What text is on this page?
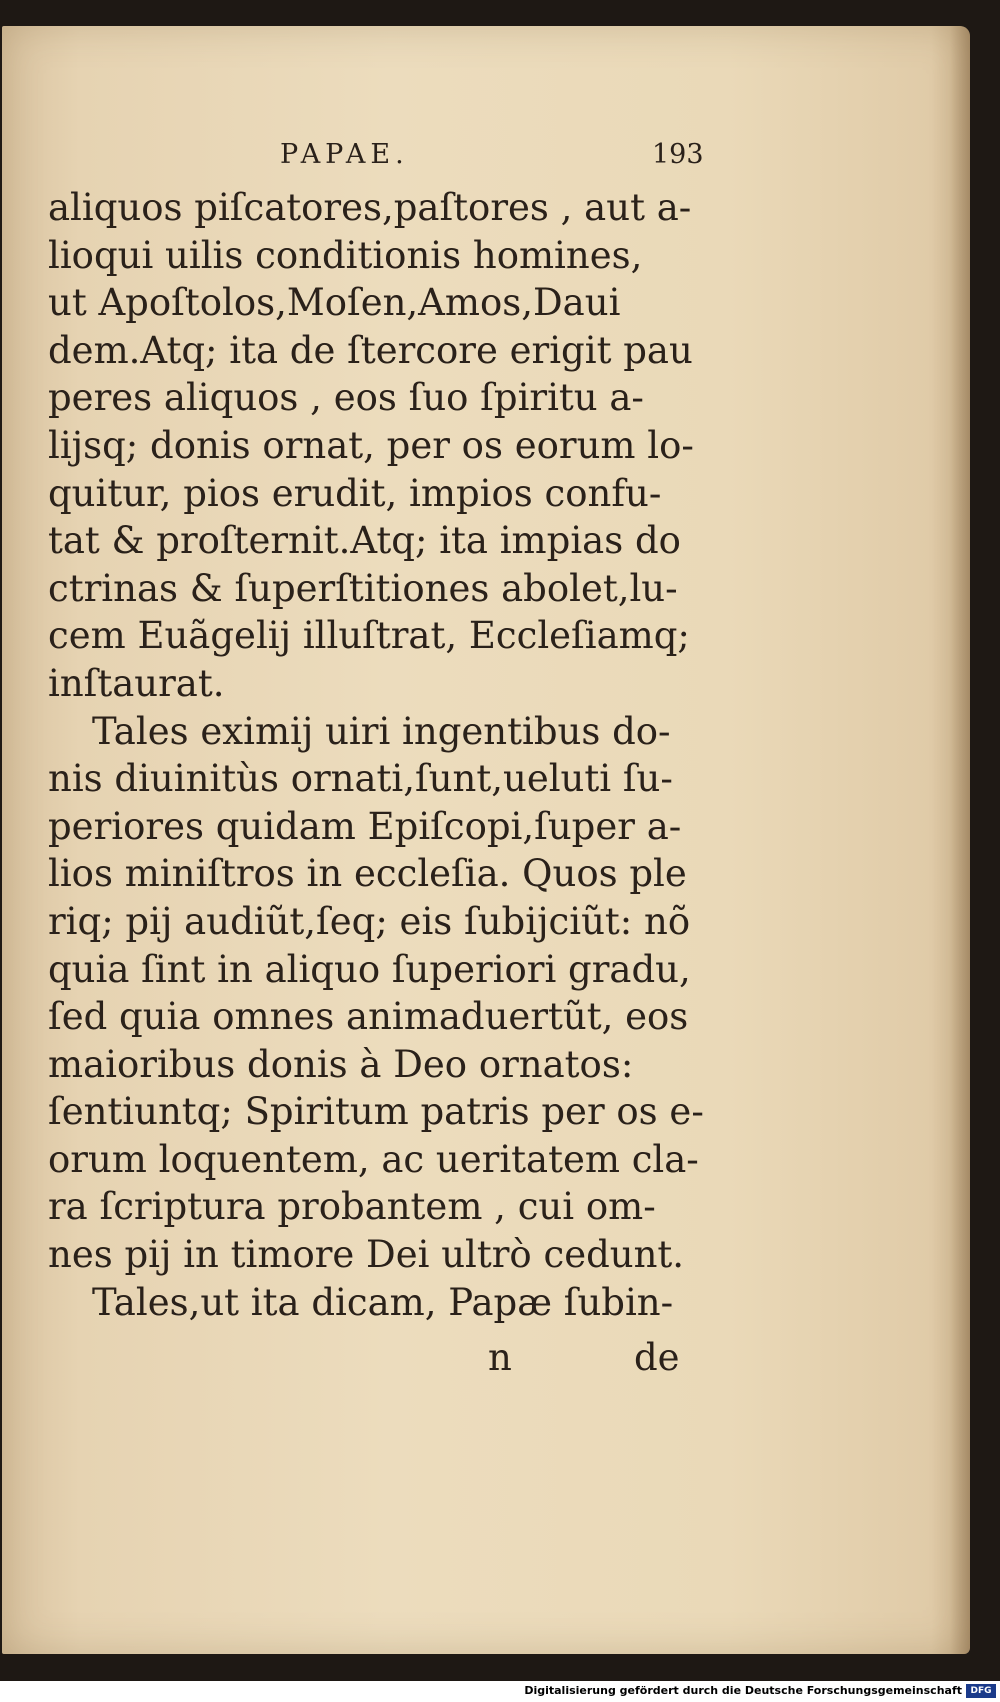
PAPAE.	193
aliquos piſcatores,paſtores , aut a-
lioqui uilis conditionis homines,
ut Apoſtolos,Moſen,Amos,Daui
dem.Atq; ita de ſtercore erigit pau
peres aliquos , eos ſuo ſpiritu a-
lijsq; donis ornat, per os eorum lo-
quitur, pios erudit, impios confu-
tat & proſternit.Atq; ita impias do
ctrinas & ſuperſtitiones abolet,lu-
cem Euãgelij illuſtrat, Eccleſiamq;
inſtaurat.
Tales eximij uiri ingentibus do-
nis diuinitùs ornati,ſunt,ueluti ſu-
periores quidam Epiſcopi,ſuper a-
lios miniſtros in eccleſia. Quos ple
riq; pij audiũt,ſeq; eis ſubijciũt: nõ
quia ſint in aliquo ſuperiori gradu,
ſed quia omnes animaduertũt, eos
maioribus donis à Deo ornatos:
ſentiuntq; Spiritum patris per os e-
orum loquentem, ac ueritatem cla-
ra ſcriptura probantem , cui om-
nes pij in timore Dei ultrò cedunt.
Tales,ut ita dicam, Papæ ſubin-
n	de
Digitalisierung gefördert durch die Deutsche Forschungsgemeinschaft DFG
